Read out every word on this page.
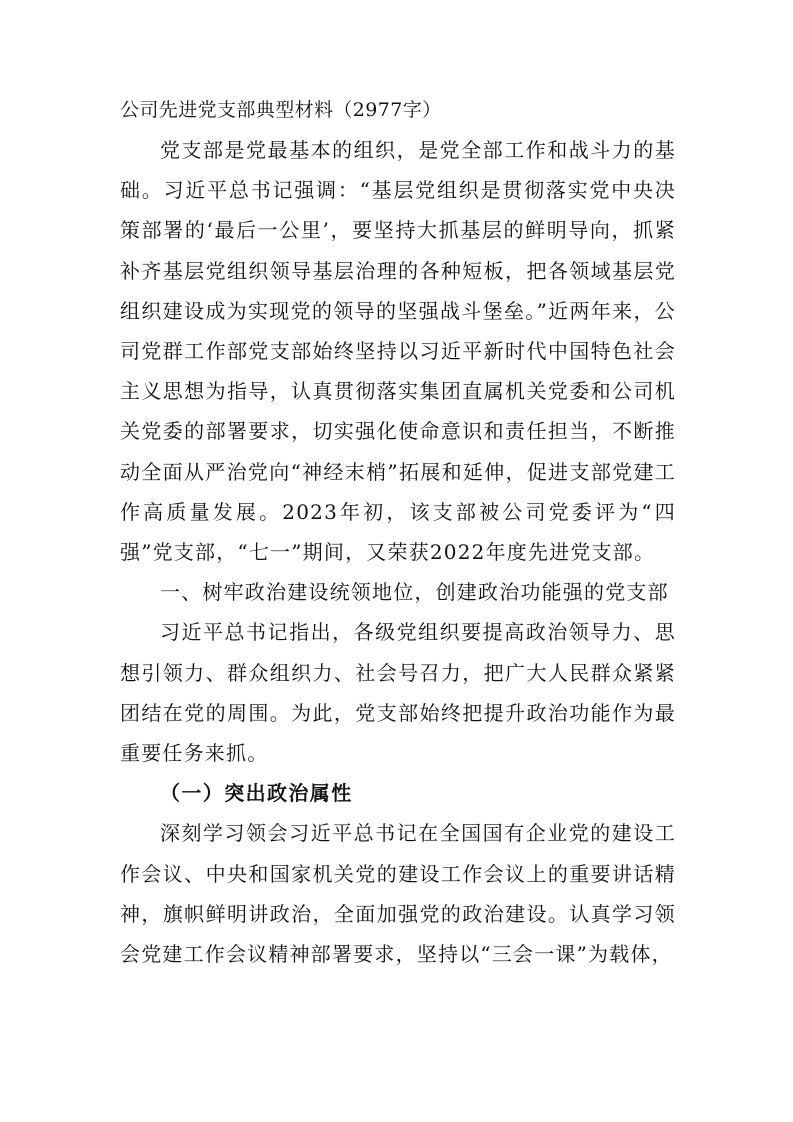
公司先进党支部典型材料（2977字）

党支部是党最基本的组织，是党全部工作和战斗力的基础。习近平总书记强调：“基层党组织是贯彻落实党中央决策部署的‘最后一公里’，要坚持大抓基层的鲜明导向，抓紧补齐基层党组织领导基层治理的各种短板，把各领域基层党组织建设成为实现党的领导的坚强战斗堡垒。”近两年来，公司党群工作部党支部始终坚持以习近平新时代中国特色社会主义思想为指导，认真贯彻落实集团直属机关党委和公司机关党委的部署要求，切实强化使命意识和责任担当，不断推动全面从严治党向“神经末梢”拓展和延伸，促进支部党建工作高质量发展。2023年初，该支部被公司党委评为“四强”党支部，“七一”期间，又荣获2022年度先进党支部。

一、树牢政治建设统领地位，创建政治功能强的党支部

习近平总书记指出，各级党组织要提高政治领导力、思想引领力、群众组织力、社会号召力，把广大人民群众紧紧团结在党的周围。为此，党支部始终把提升政治功能作为最重要任务来抓。

（一）突出政治属性

深刻学习领会习近平总书记在全国国有企业党的建设工作会议、中央和国家机关党的建设工作会议上的重要讲话精神，旗帜鲜明讲政治，全面加强党的政治建设。认真学习领会党建工作会议精神部署要求，坚持以“三会一课”为载体，
